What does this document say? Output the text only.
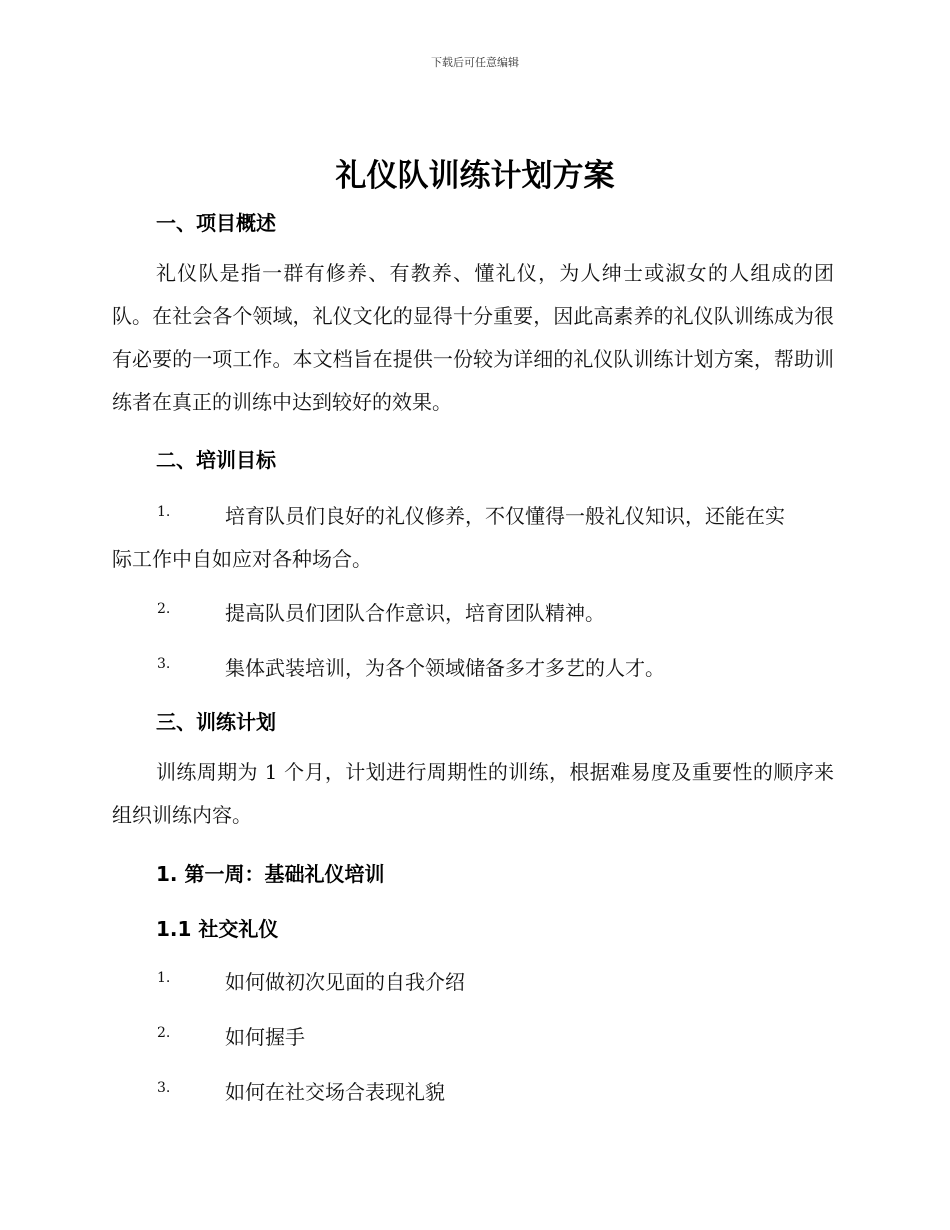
下载后可任意编辑
礼仪队训练计划方案
一、项目概述
礼仪队是指一群有修养、有教养、懂礼仪，为人绅士或淑女的人组成的团队。在社会各个领域，礼仪文化的显得十分重要，因此高素养的礼仪队训练成为很有必要的一项工作。本文档旨在提供一份较为详细的礼仪队训练计划方案，帮助训练者在真正的训练中达到较好的效果。
二、培训目标
1.	培育队员们良好的礼仪修养，不仅懂得一般礼仪知识，还能在实
际工作中自如应对各种场合。
2.	提高队员们团队合作意识，培育团队精神。
3.	集体武装培训，为各个领域储备多才多艺的人才。
三、训练计划
训练周期为 1 个月，计划进行周期性的训练，根据难易度及重要性的顺序来组织训练内容。
1. 第一周：基础礼仪培训
1.1 社交礼仪
1.	如何做初次见面的自我介绍
2.	如何握手
3.	如何在社交场合表现礼貌
